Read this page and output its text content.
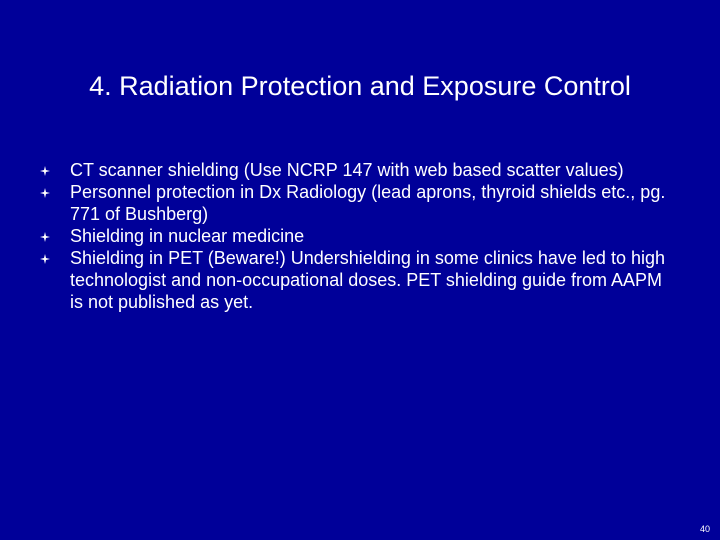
4. Radiation Protection and Exposure Control
CT scanner shielding (Use NCRP 147 with web based scatter values)
Personnel protection in Dx Radiology (lead aprons, thyroid shields etc., pg. 771 of Bushberg)
Shielding in nuclear medicine
Shielding in PET (Beware!) Undershielding in some clinics have led to high technologist and non-occupational doses. PET shielding guide from AAPM is not published as yet.
40
